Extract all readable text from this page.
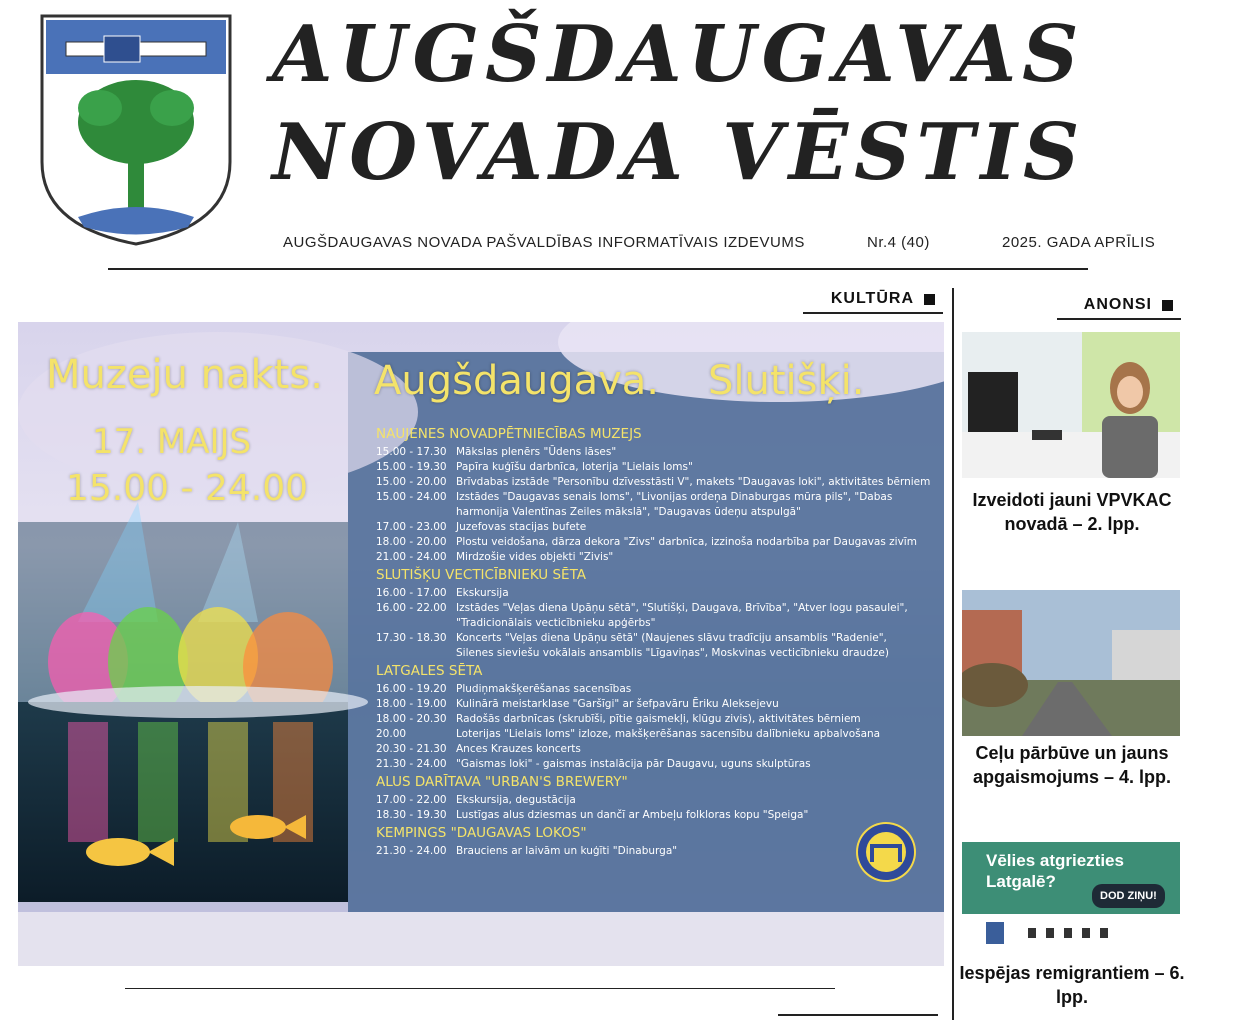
AUGŠDAUGAVAS
NOVADA VĒSTIS
AUGŠDAUGAVAS NOVADA PAŠVALDĪBAS INFORMATĪVAIS IZDEVUMS	Nr.4 (40)	2025. GADA APRĪLIS
KULTŪRA	ANONSI
Muzeju nakts. Augšdaugava. Slutišķi.
17. MAIJS
15.00 - 24.00
NAUJENES NOVADPĒTNIECĪBAS MUZEJS
15.00 - 17.30 Mākslas plenērs "Ūdens lāses"
15.00 - 19.30 Papīra kuģīšu darbnīca, loterija "Lielais loms"
15.00 - 20.00 Brīvdabas izstāde "Personību dzīvesstāsti V", makets "Daugavas loki", aktivitātes bērniem
15.00 - 24.00 Izstādes "Daugavas senais loms", "Livonijas ordeņa Dinaburgas mūra pils", "Dabas
harmonija Valentīnas Zeiles mākslā", "Daugavas ūdeņu atspulgā"
17.00 - 23.00 Juzefovas stacijas bufete
18.00 - 20.00 Plostu veidošana, dārza dekora "Zivs" darbnīca, izzinoša nodarbība par Daugavas zivīm
21.00 - 24.00 Mirdzošie vides objekti "Zivis"
SLUTIŠĶU VECTICĪBNIEKU SĒTA
16.00 - 17.00 Ekskursija
16.00 - 22.00 Izstādes "Veļas diena Upāņu sētā", "Slutišķi, Daugava, Brīvība", "Atver logu pasaulei",
"Tradicionālais vecticībnieku apģērbs"
17.30 - 18.30 Koncerts "Veļas diena Upāņu sētā" (Naujenes slāvu tradīciju ansamblis "Radenie",
Silenes sieviešu vokālais ansamblis "Līgaviņas", Moskvinas vecticībnieku draudze)
LATGALES SĒTA
16.00 - 19.20 Pludiņmakšķerēšanas sacensības
18.00 - 19.00 Kulinārā meistarklase "Garšīgi" ar šefpavāru Ēriku Aleksejevu
18.00 - 20.30 Radošās darbnīcas (skrubīši, pītie gaismekļi, klūgu zivis), aktivitātes bērniem
20.00	Loterijas "Lielais loms" izloze, makšķerēšanas sacensību dalībnieku apbalvošana
20.30 - 21.30 Ances Krauzes koncerts
21.30 - 24.00 "Gaismas loki" - gaismas instalācija pār Daugavu, uguns skulptūras
ALUS DARĪTAVA "URBAN'S BREWERY"
17.00 - 22.00 Ekskursija, degustācija
18.30 - 19.30 Lustīgas alus dziesmas un dančī ar Ambeļu folkloras kopu "Speiga"
KEMPINGS "DAUGAVAS LOKOS"
21.30 - 24.00 Brauciens ar laivām un kuģīti "Dinaburga"
Izveidoti jauni VPVKAC novadā – 2. lpp.
Ceļu pārbūve un jauns apgaismojums – 4. lpp.
Vēlies atgriezties Latgalē?
DOD ZIŅU!
Iespējas remigrantiem – 6. lpp.
